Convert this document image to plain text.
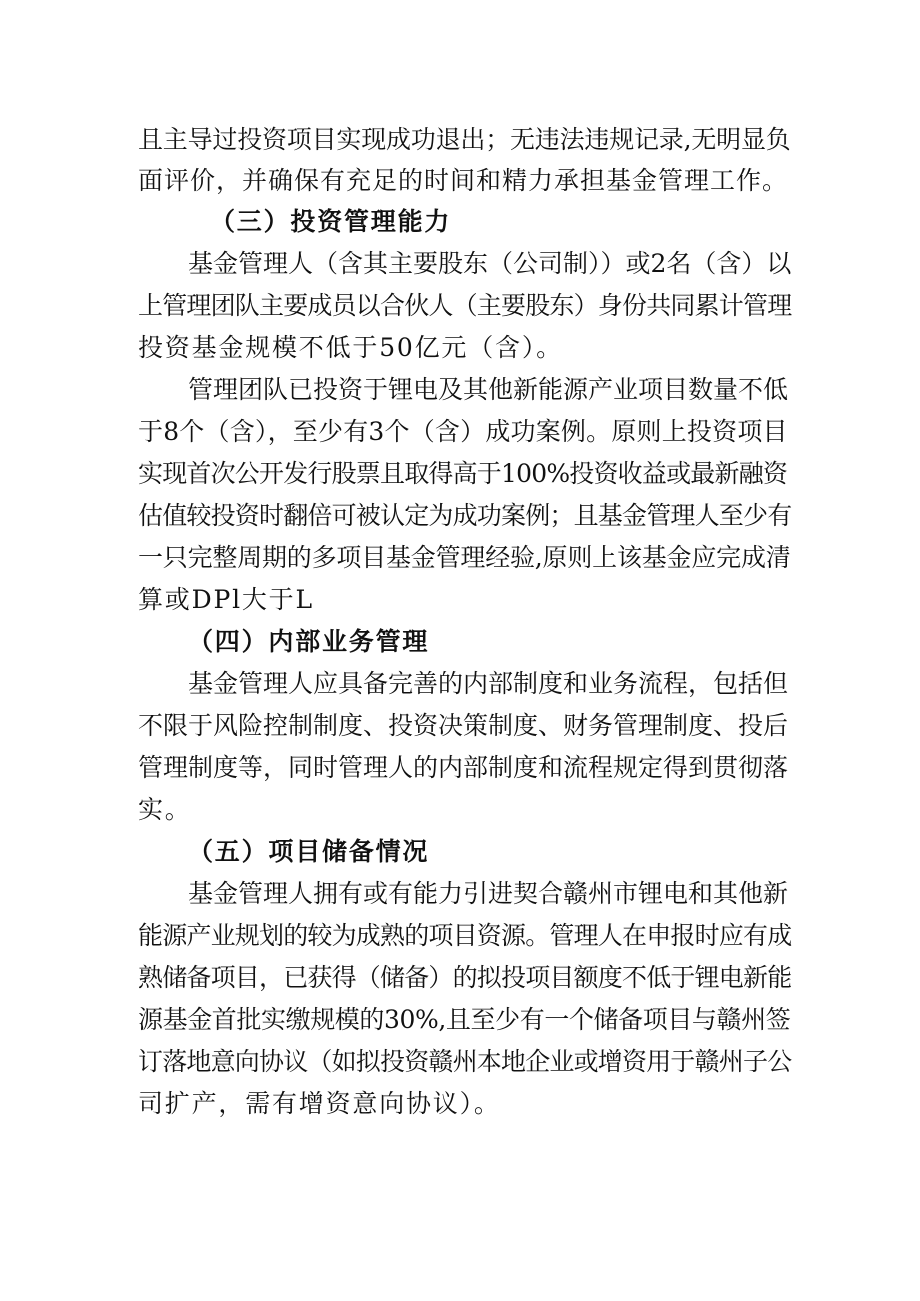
且主导过投资项目实现成功退出；无违法违规记录,无明显负
面评价，并确保有充足的时间和精力承担基金管理工作。
（三）投资管理能力
基金管理人（含其主要股东（公司制））或2名（含）以
上管理团队主要成员以合伙人（主要股东）身份共同累计管理
投资基金规模不低于50亿元（含）。
管理团队已投资于锂电及其他新能源产业项目数量不低
于8个（含），至少有3个（含）成功案例。原则上投资项目
实现首次公开发行股票且取得高于100%投资收益或最新融资
估值较投资时翻倍可被认定为成功案例；且基金管理人至少有
一只完整周期的多项目基金管理经验,原则上该基金应完成清
算或DPl大于L
（四）内部业务管理
基金管理人应具备完善的内部制度和业务流程，包括但
不限于风险控制制度、投资决策制度、财务管理制度、投后
管理制度等，同时管理人的内部制度和流程规定得到贯彻落
实。
（五）项目储备情况
基金管理人拥有或有能力引进契合赣州市锂电和其他新
能源产业规划的较为成熟的项目资源。管理人在申报时应有成
熟储备项目，已获得（储备）的拟投项目额度不低于锂电新能
源基金首批实缴规模的30%,且至少有一个储备项目与赣州签
订落地意向协议（如拟投资赣州本地企业或增资用于赣州子公
司扩产，需有增资意向协议）。
